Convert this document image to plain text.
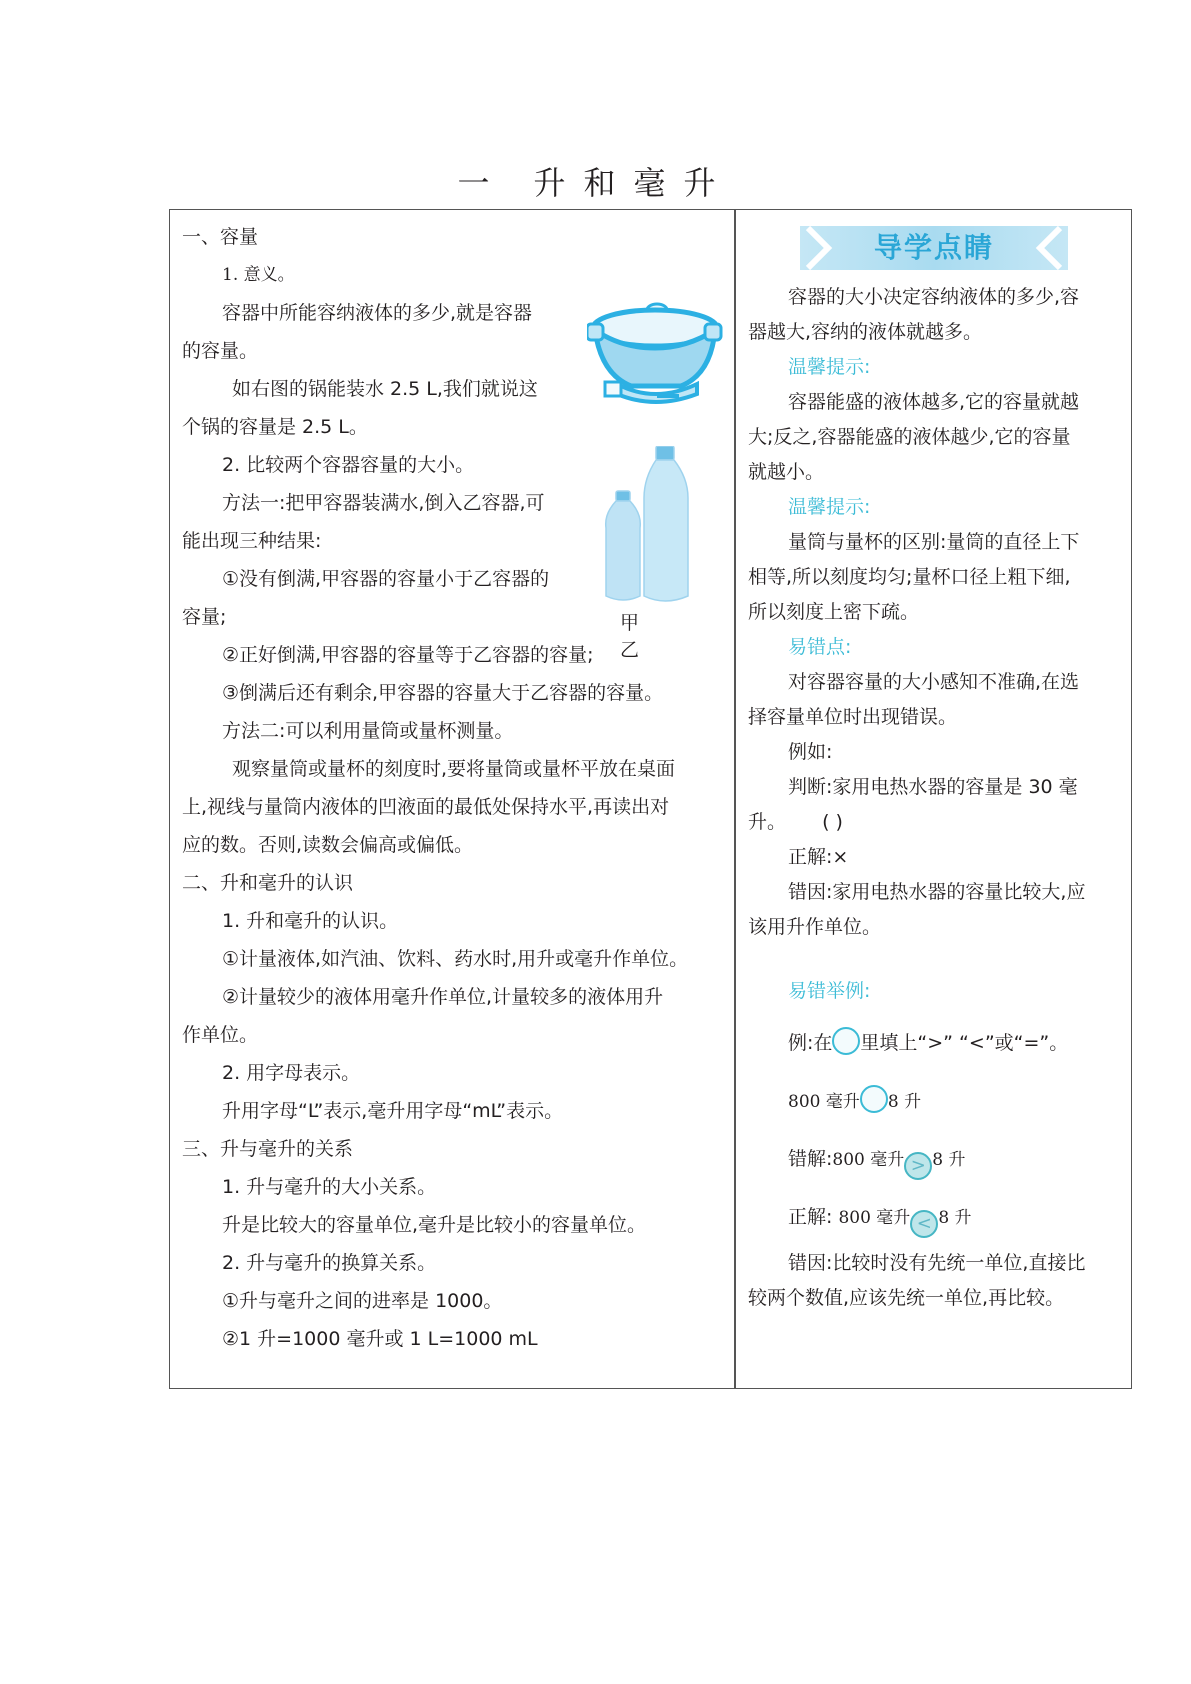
一 升和毫升
一、容量
1. 意义。
容器中所能容纳液体的多少,就是容器
的容量。
如右图的锅能装水 2.5 L,我们就说这
个锅的容量是 2.5 L。
2. 比较两个容器容量的大小。
方法一:把甲容器装满水,倒入乙容器,可
能出现三种结果:
①没有倒满,甲容器的容量小于乙容器的
容量;
②正好倒满,甲容器的容量等于乙容器的容量;
③倒满后还有剩余,甲容器的容量大于乙容器的容量。
方法二:可以利用量筒或量杯测量。
观察量筒或量杯的刻度时,要将量筒或量杯平放在桌面
上,视线与量筒内液体的凹液面的最低处保持水平,再读出对
应的数。否则,读数会偏高或偏低。
二、升和毫升的认识
1. 升和毫升的认识。
①计量液体,如汽油、饮料、药水时,用升或毫升作单位。
②计量较少的液体用毫升作单位,计量较多的液体用升
作单位。
2. 用字母表示。
升用字母“L”表示,毫升用字母“mL”表示。
三、升与毫升的关系
1. 升与毫升的大小关系。
升是比较大的容量单位,毫升是比较小的容量单位。
2. 升与毫升的换算关系。
①升与毫升之间的进率是 1000。
②1 升=1000 毫升或 1 L=1000 mL
甲乙
导学点睛
容器的大小决定容纳液体的多少,容
器越大,容纳的液体就越多。
温馨提示:
容器能盛的液体越多,它的容量就越
大;反之,容器能盛的液体越少,它的容量
就越小。
温馨提示:
量筒与量杯的区别:量筒的直径上下
相等,所以刻度均匀;量杯口径上粗下细,
所以刻度上密下疏。
易错点:
对容器容量的大小感知不准确,在选
择容量单位时出现错误。
例如:
判断:家用电热水器的容量是 30 毫
升。 ( )
正解:×
错因:家用电热水器的容量比较大,应
该用升作单位。
易错举例:
例:在 里填上“>” “<”或“=”。
800 毫升 8 升
错解:800 毫升 > 8 升
正解: 800 毫升 < 8 升
错因:比较时没有先统一单位,直接比
较两个数值,应该先统一单位,再比较。
